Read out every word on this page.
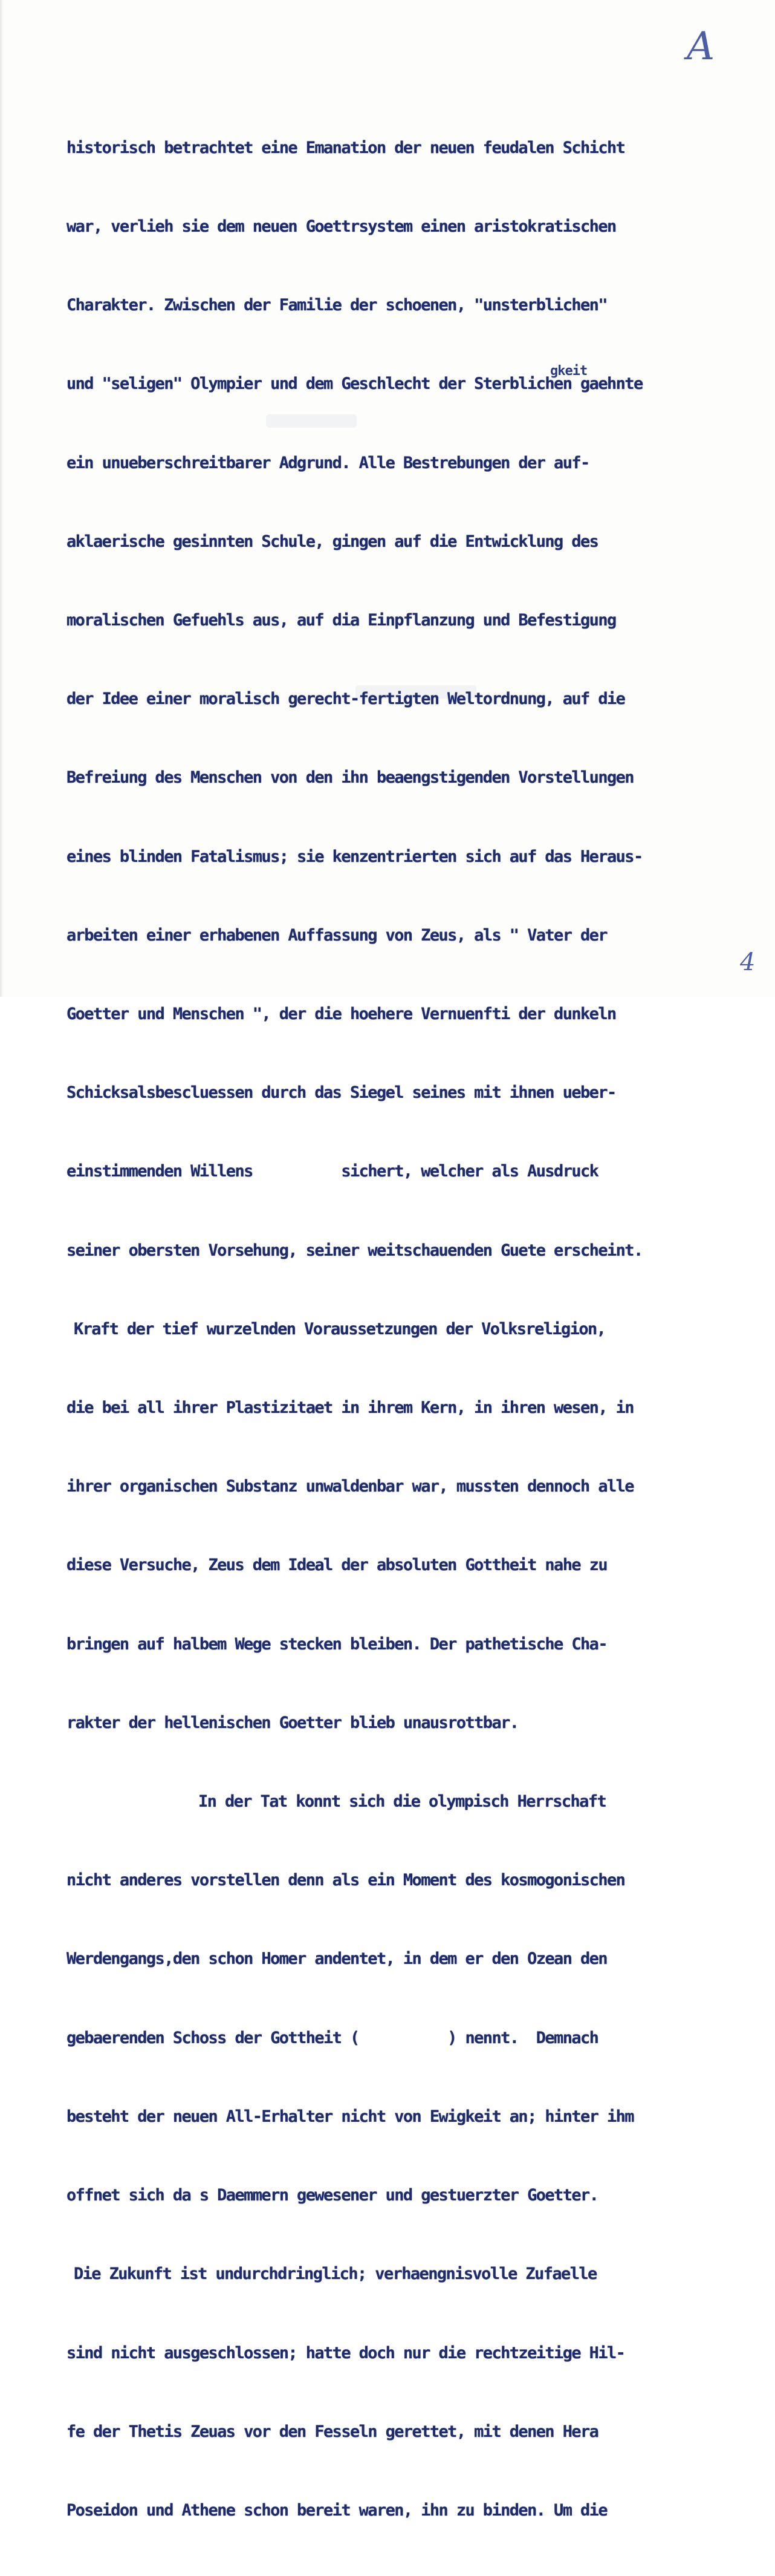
A
gkeit

historisch betrachtet eine Emanation der neuen feudalen Schicht

war, verlieh sie dem neuen Goettrsystem einen aristokratischen

Charakter. Zwischen der Familie der schoenen, "unsterblichen"

und "seligen" Olympier und dem Geschlecht der Sterblichen gaehnte

ein unueberschreitbarer Adgrund. Alle Bestrebungen der auf-

aklaerische gesinnten Schule, gingen auf die Entwicklung des

moralischen Gefuehls aus, auf dia Einpflanzung und Befestigung

der Idee einer moralisch gerecht-fertigten Weltordnung, auf die

Befreiung des Menschen von den ihn beaengstigenden Vorstellungen

eines blinden Fatalismus; sie kenzentrierten sich auf das Heraus-

arbeiten einer erhabenen Auffassung von Zeus, als " Vater der

Goetter und Menschen ", der die hoehere Vernuenfti der dunkeln

Schicksalsbescluessen durch das Siegel seines mit ihnen ueber-

einstimmenden Willens          sichert, welcher als Ausdruck

seiner obersten Vorsehung, seiner weitschauenden Guete erscheint.

Kraft der tief wurzelnden Voraussetzungen der Volksreligion,

die bei all ihrer Plastizitaet in ihrem Kern, in ihren wesen, in

ihrer organischen Substanz unwaldenbar war, mussten dennoch alle

diese Versuche, Zeus dem Ideal der absoluten Gottheit nahe zu

bringen auf halbem Wege stecken bleiben. Der pathetische Cha-

rakter der hellenischen Goetter blieb unausrottbar.

In der Tat konnt sich die olympisch Herrschaft

nicht anderes vorstellen denn als ein Moment des kosmogonischen

Werdengangs,den schon Homer andentet, in dem er den Ozean den

gebaerenden Schoss der Gottheit (          ) nennt.  Demnach

besteht der neuen All-Erhalter nicht von Ewigkeit an; hinter ihm

offnet sich da s Daemmern gewesener und gestuerzter Goetter.

Die Zukunft ist undurchdringlich; verhaengnisvolle Zufaelle

sind nicht ausgeschlossen; hatte doch nur die rechtzeitige Hil-

fe der Thetis Zeuas vor den Fesseln gerettet, mit denen Hera

Poseidon und Athene schon bereit waren, ihn zu binden. Um die

4
